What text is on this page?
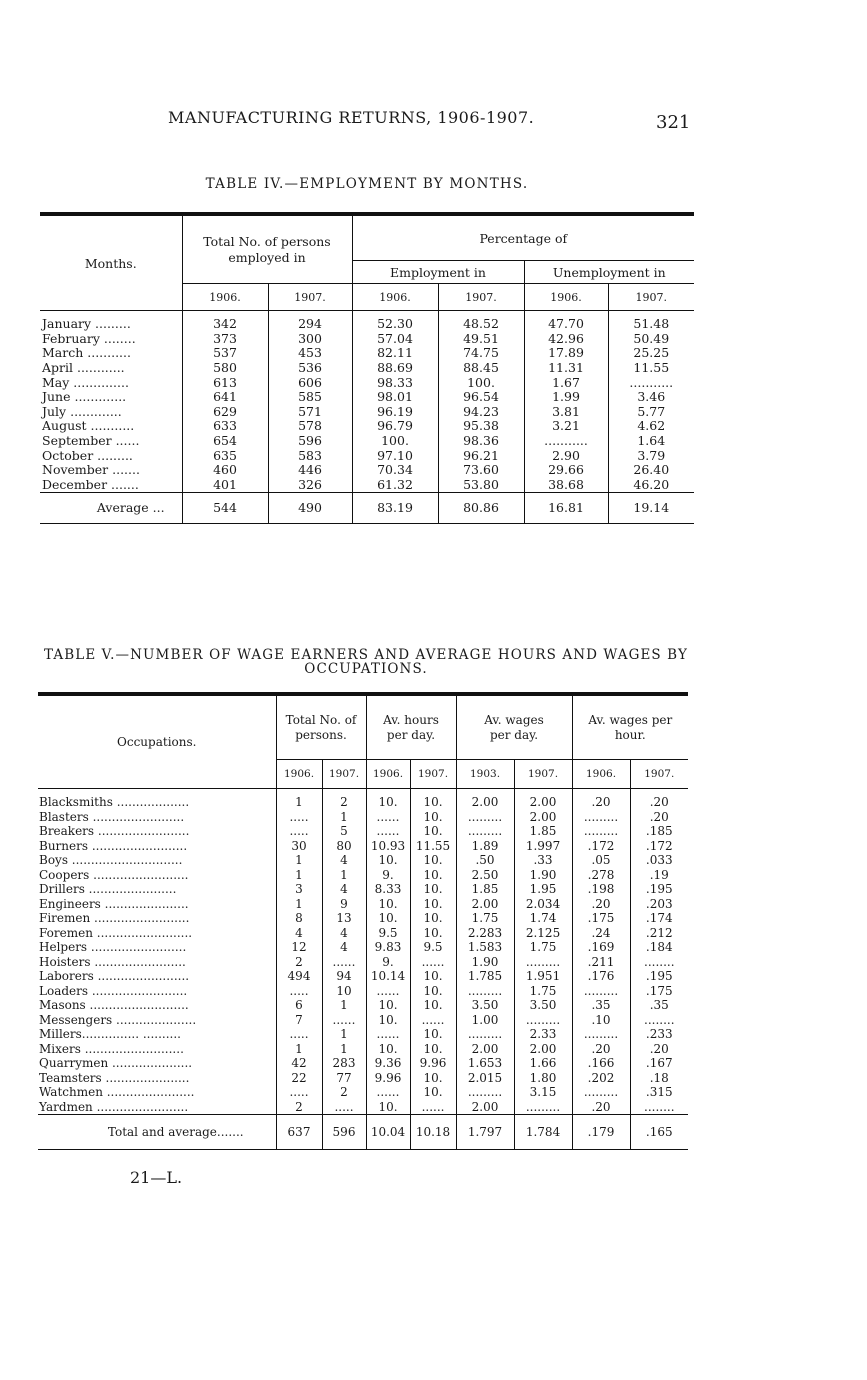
MANUFACTURING RETURNS, 1906-1907.	321
TABLE IV.—EMPLOYMENT BY MONTHS.
Months.	Total No. of persons employed in		Percentage of			
			Employment in		Unemployment in	
	1906.	1907.	1906.	1907.	1906.	1907.
January .........	342	294	52.30	48.52	47.70	51.48
February ........	373	300	57.04	49.51	42.96	50.49
March ...........	537	453	82.11	74.75	17.89	25.25
April ............	580	536	88.69	88.45	11.31	11.55
May ..............	613	606	98.33	100.	1.67	...........
June .............	641	585	98.01	96.54	1.99	3.46
July .............	629	571	96.19	94.23	3.81	5.77
August ...........	633	578	96.79	95.38	3.21	4.62
September ......	654	596	100.	98.36	...........	1.64
October .........	635	583	97.10	96.21	2.90	3.79
November .......	460	446	70.34	73.60	29.66	26.40
December .......	401	326	61.32	53.80	38.68	46.20
Average ...	544	490	83.19	80.86	16.81	19.14
TABLE V.—NUMBER OF WAGE EARNERS AND AVERAGE HOURS AND WAGES BY OCCUPATIONS.
Occupations.	Total No. of persons.		Av. hours per day.		Av. wages per day.		Av. wages per hour.	
	1906.	1907.	1906.	1907.	1903.	1907.	1906.	1907.
Blacksmiths ...................	1	2	10.	10.	2.00	2.00	.20	.20
Blasters ........................	.....	1	......	10.	.........	2.00	.........	.20
Breakers ........................	.....	5	......	10.	.........	1.85	.........	.185
Burners .........................	30	80	10.93	11.55	1.89	1.997	.172	.172
Boys .............................	1	4	10.	10.	.50	.33	.05	.033
Coopers .........................	1	1	9.	10.	2.50	1.90	.278	.19
Drillers .......................	3	4	8.33	10.	1.85	1.95	.198	.195
Engineers ......................	1	9	10.	10.	2.00	2.034	.20	.203
Firemen .........................	8	13	10.	10.	1.75	1.74	.175	.174
Foremen .........................	4	4	9.5	10.	2.283	2.125	.24	.212
Helpers .........................	12	4	9.83	9.5	1.583	1.75	.169	.184
Hoisters ........................	2	......	9.	......	1.90	.........	.211	........
Laborers ........................	494	94	10.14	10.	1.785	1.951	.176	.195
Loaders .........................	.....	10	......	10.	.........	1.75	.........	.175
Masons ..........................	6	1	10.	10.	3.50	3.50	.35	.35
Messengers .....................	7	......	10.	......	1.00	.........	.10	........
Millers............... ..........	.....	1	......	10.	.........	2.33	.........	.233
Mixers ..........................	1	1	10.	10.	2.00	2.00	.20	.20
Quarrymen .....................	42	283	9.36	9.96	1.653	1.66	.166	.167
Teamsters ......................	22	77	9.96	10.	2.015	1.80	.202	.18
Watchmen .......................	.....	2	......	10.	.........	3.15	.........	.315
Yardmen ........................	2	.....	10.	......	2.00	.........	.20	........
Total and average.......	637	596	10.04	10.18	1.797	1.784	.179	.165
21—L.
